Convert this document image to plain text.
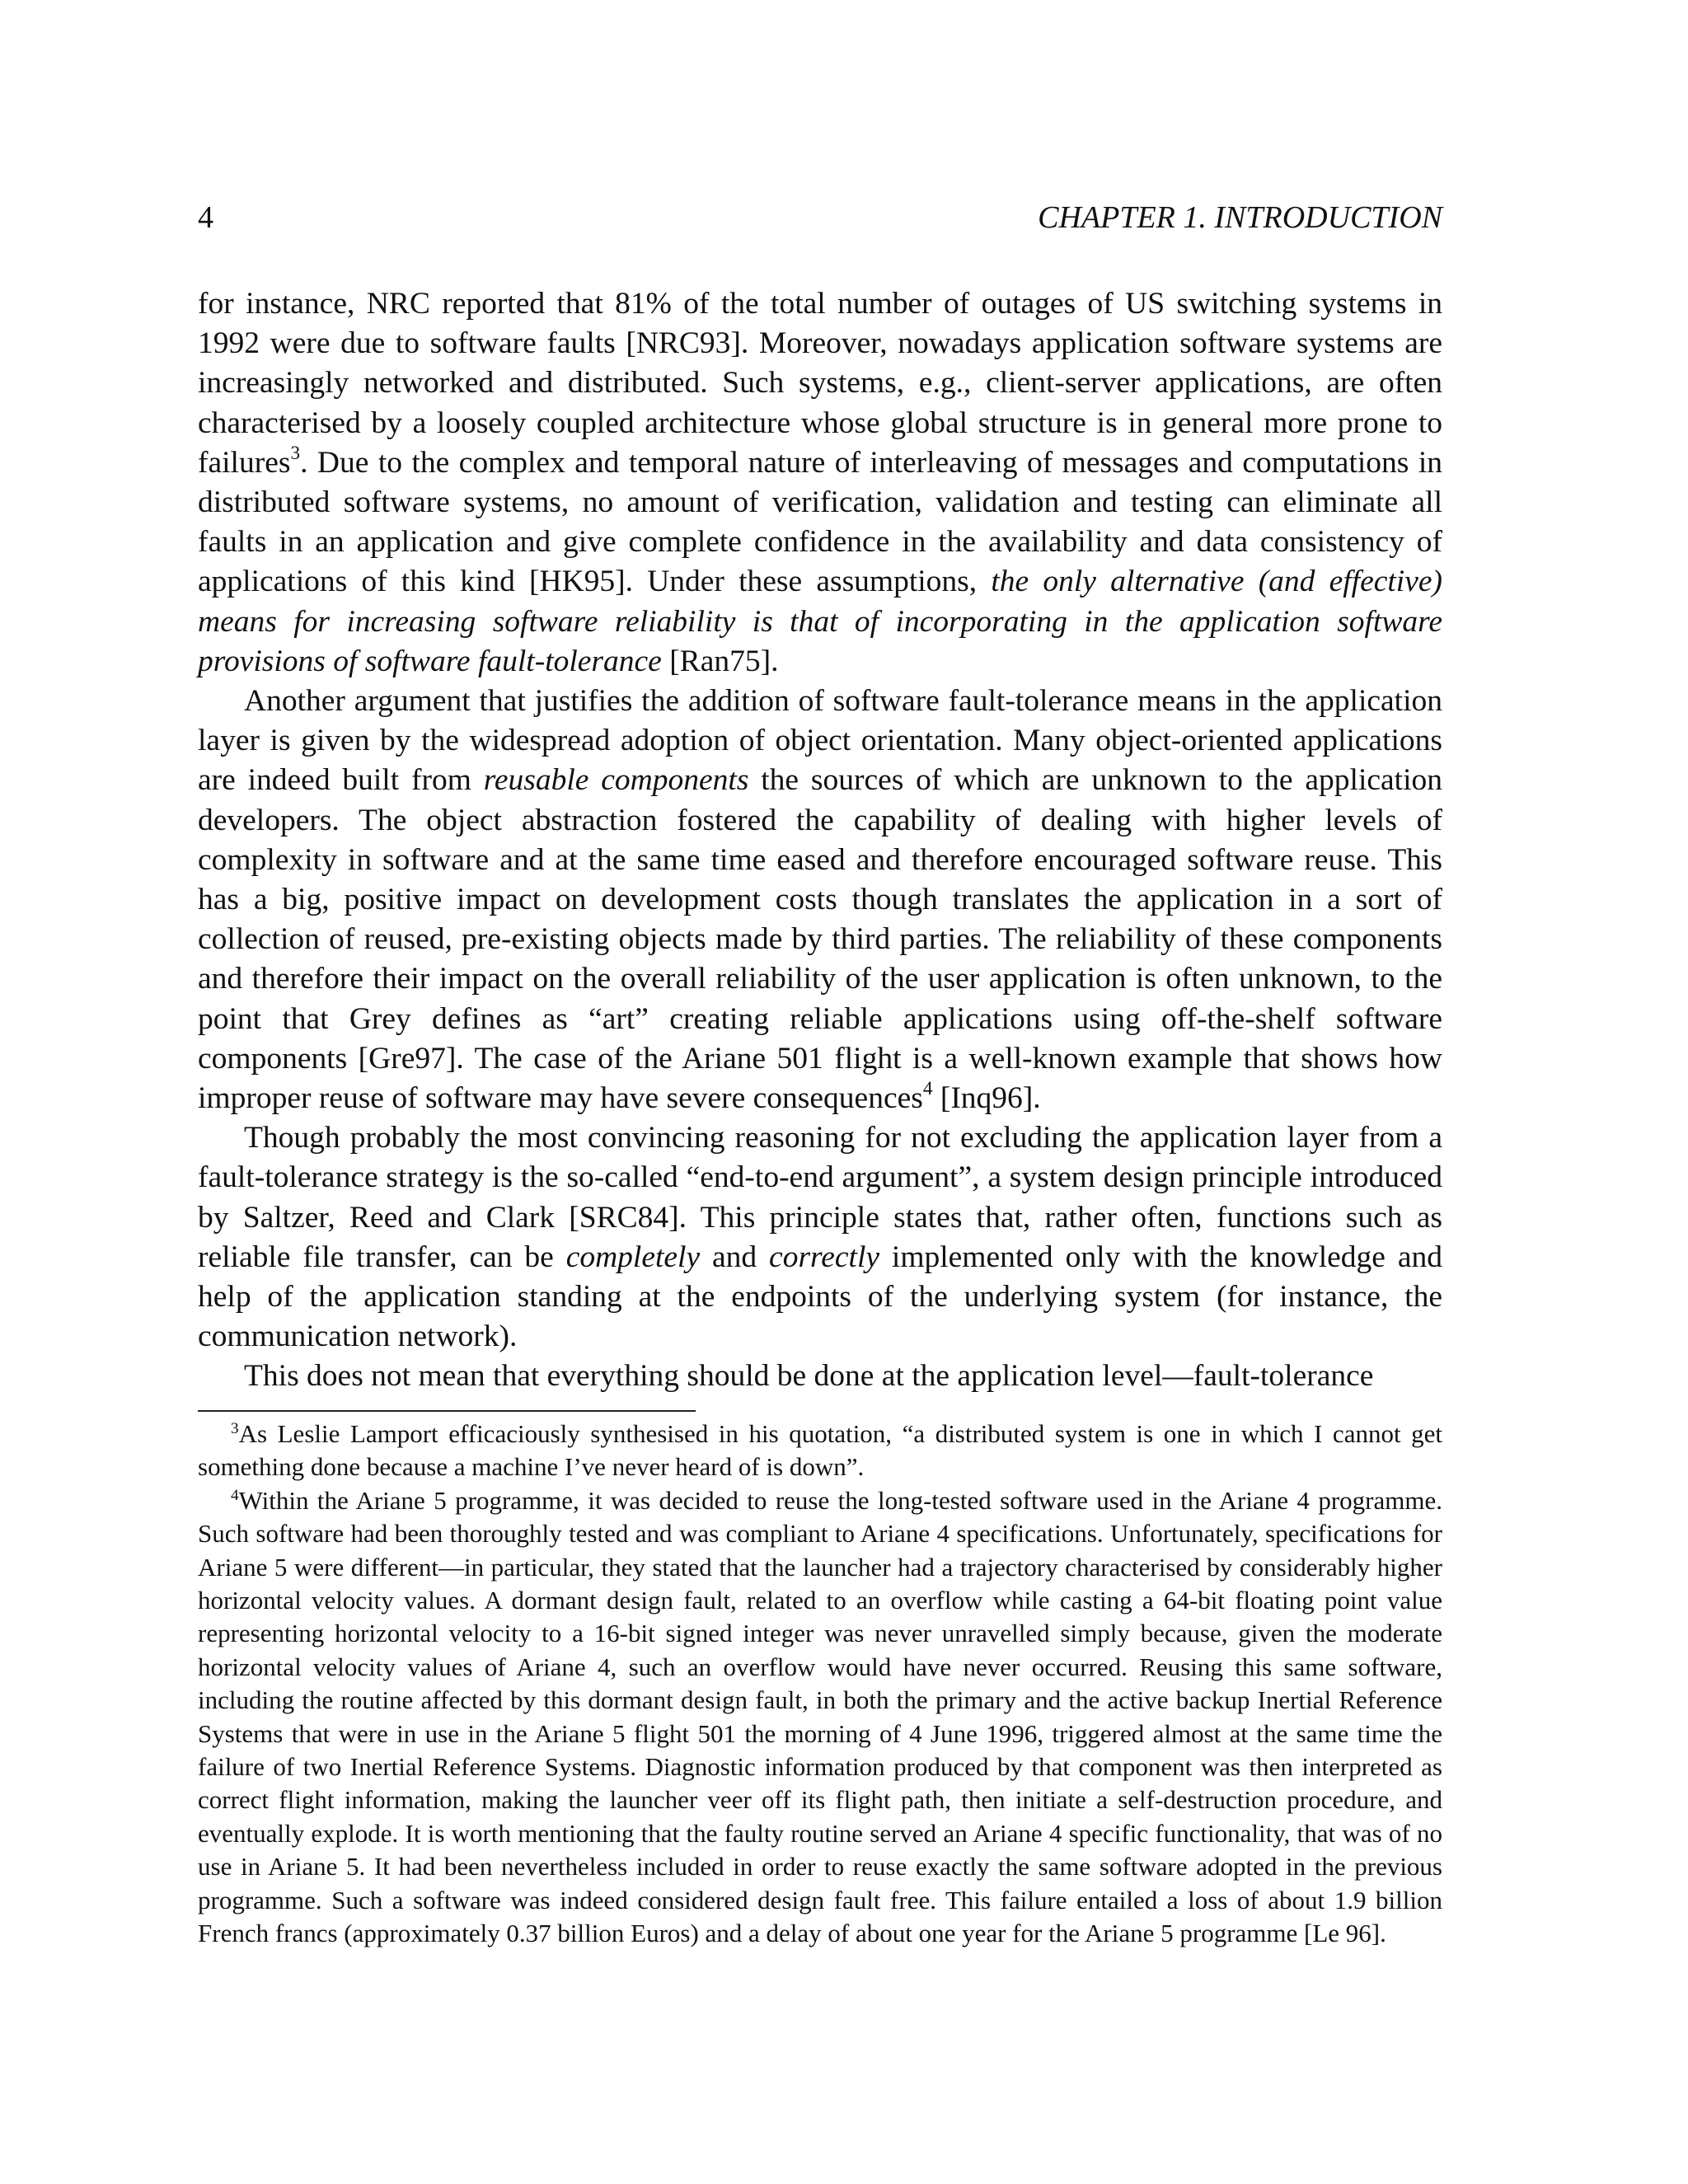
4	CHAPTER 1. INTRODUCTION

for instance, NRC reported that 81% of the total number of outages of US switching systems in 1992 were due to software faults [NRC93]. Moreover, nowadays application software systems are increasingly networked and distributed. Such systems, e.g., client-server applications, are often characterised by a loosely coupled architecture whose global structure is in general more prone to failures$^3$. Due to the complex and temporal nature of interleaving of messages and computations in distributed software systems, no amount of verification, validation and testing can eliminate all faults in an application and give complete confidence in the availability and data consistency of applications of this kind [HK95]. Under these assumptions, the only alternative (and effective) means for increasing software reliability is that of incorporating in the application software provisions of software fault-tolerance [Ran75].

Another argument that justifies the addition of software fault-tolerance means in the application layer is given by the widespread adoption of object orientation. Many object-oriented applications are indeed built from reusable components the sources of which are unknown to the application developers. The object abstraction fostered the capability of dealing with higher levels of complexity in software and at the same time eased and therefore encouraged software reuse. This has a big, positive impact on development costs though translates the application in a sort of collection of reused, pre-existing objects made by third parties. The reliability of these components and therefore their impact on the overall reliability of the user application is often unknown, to the point that Grey defines as “art” creating reliable applications using off-the-shelf software components [Gre97]. The case of the Ariane 501 flight is a well-known example that shows how improper reuse of software may have severe consequences$^4$ [Inq96].

Though probably the most convincing reasoning for not excluding the application layer from a fault-tolerance strategy is the so-called “end-to-end argument”, a system design principle introduced by Saltzer, Reed and Clark [SRC84]. This principle states that, rather often, functions such as reliable file transfer, can be completely and correctly implemented only with the knowledge and help of the application standing at the endpoints of the underlying system (for instance, the communication network).

This does not mean that everything should be done at the application level—fault-tolerance

$^3$As Leslie Lamport efficaciously synthesised in his quotation, “a distributed system is one in which I cannot get something done because a machine I’ve never heard of is down”.

$^4$Within the Ariane 5 programme, it was decided to reuse the long-tested software used in the Ariane 4 programme. Such software had been thoroughly tested and was compliant to Ariane 4 specifications. Unfortunately, specifications for Ariane 5 were different—in particular, they stated that the launcher had a trajectory characterised by considerably higher horizontal velocity values. A dormant design fault, related to an overflow while casting a 64-bit floating point value representing horizontal velocity to a 16-bit signed integer was never unravelled simply because, given the moderate horizontal velocity values of Ariane 4, such an overflow would have never occurred. Reusing this same software, including the routine affected by this dormant design fault, in both the primary and the active backup Inertial Reference Systems that were in use in the Ariane 5 flight 501 the morning of 4 June 1996, triggered almost at the same time the failure of two Inertial Reference Systems. Diagnostic information produced by that component was then interpreted as correct flight information, making the launcher veer off its flight path, then initiate a self-destruction procedure, and eventually explode. It is worth mentioning that the faulty routine served an Ariane 4 specific functionality, that was of no use in Ariane 5. It had been nevertheless included in order to reuse exactly the same software adopted in the previous programme. Such a software was indeed considered design fault free. This failure entailed a loss of about 1.9 billion French francs (approximately 0.37 billion Euros) and a delay of about one year for the Ariane 5 programme [Le 96].
